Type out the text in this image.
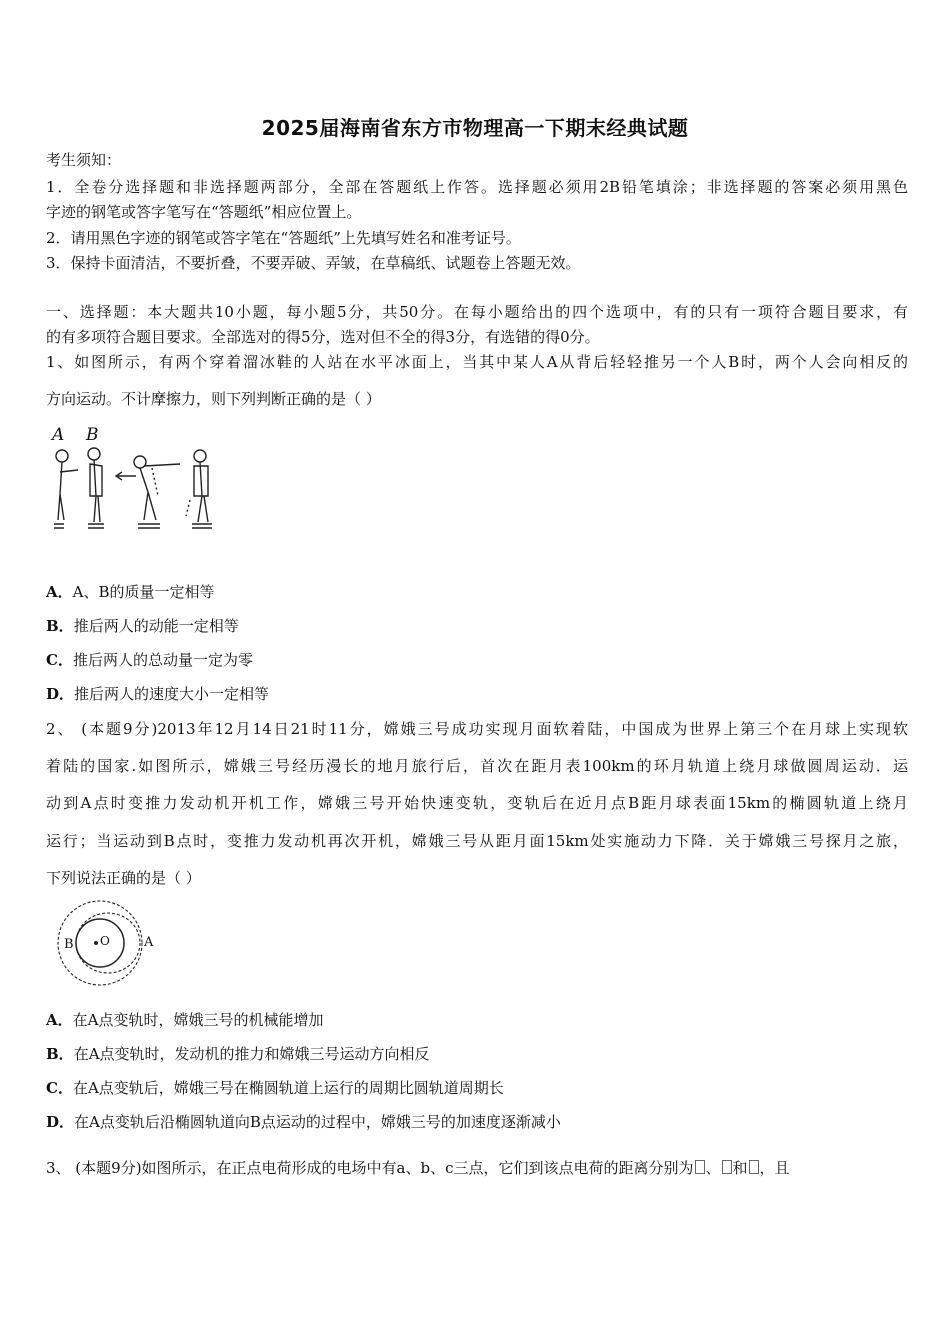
2025届海南省东方市物理高一下期末经典试题
考生须知：
1．全卷分选择题和非选择题两部分，全部在答题纸上作答。选择题必须用2B铅笔填涂；非选择题的答案必须用黑色
字迹的钢笔或答字笔写在“答题纸”相应位置上。
2．请用黑色字迹的钢笔或答字笔在“答题纸”上先填写姓名和准考证号。
3．保持卡面清洁，不要折叠，不要弄破、弄皱，在草稿纸、试题卷上答题无效。
一、选择题：本大题共10小题，每小题5分，共50分。在每小题给出的四个选项中，有的只有一项符合题目要求，有
的有多项符合题目要求。全部选对的得5分，选对但不全的得3分，有选错的得0分。
1、如图所示，有两个穿着溜冰鞋的人站在水平冰面上，当其中某人A从背后轻轻推另一个人B时，两个人会向相反的
方向运动。不计摩擦力，则下列判断正确的是（ ）
A B
A．A、B的质量一定相等
B．推后两人的动能一定相等
C．推后两人的总动量一定为零
D．推后两人的速度大小一定相等
2、 (本题9分)2013年12月14日21时11分，嫦娥三号成功实现月面软着陆，中国成为世界上第三个在月球上实现软
着陆的国家.如图所示，嫦娥三号经历漫长的地月旅行后，首次在距月表100km的环月轨道上绕月球做圆周运动．运
动到A点时变推力发动机开机工作，嫦娥三号开始快速变轨，变轨后在近月点B距月球表面15km的椭圆轨道上绕月
运行；当运动到B点时，变推力发动机再次开机，嫦娥三号从距月面15km处实施动力下降．关于嫦娥三号探月之旅，
下列说法正确的是（ ）
B O	A
A．在A点变轨时，嫦娥三号的机械能增加
B．在A点变轨时，发动机的推力和嫦娥三号运动方向相反
C．在A点变轨后，嫦娥三号在椭圆轨道上运行的周期比圆轨道周期长
D．在A点变轨后沿椭圆轨道向B点运动的过程中，嫦娥三号的加速度逐渐减小
3、 (本题9分)如图所示，在正点电荷形成的电场中有a、b、c三点，它们到该点电荷的距离分别为 、 和 ，且
